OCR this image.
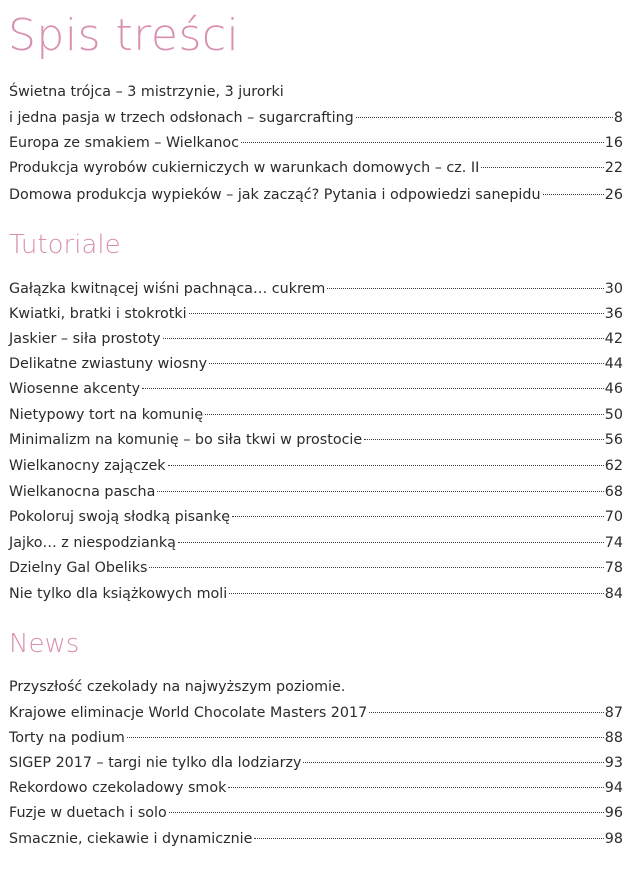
Spis treści
Świetna trójca – 3 mistrzynie, 3 jurorki
i jedna pasja w trzech odsłonach – sugarcrafting	8
Europa ze smakiem – Wielkanoc	16
Produkcja wyrobów cukierniczych w warunkach domowych – cz. II	22
Domowa produkcja wypieków – jak zacząć? Pytania i odpowiedzi sanepidu	26
Tutoriale
Gałązka kwitnącej wiśni pachnąca… cukrem	30
Kwiatki, bratki i stokrotki	36
Jaskier – siła prostoty	42
Delikatne zwiastuny wiosny	44
Wiosenne akcenty	46
Nietypowy tort na komunię	50
Minimalizm na komunię – bo siła tkwi w prostocie	56
Wielkanocny zajączek	62
Wielkanocna pascha	68
Pokoloruj swoją słodką pisankę	70
Jajko… z niespodzianką	74
Dzielny Gal Obeliks	78
Nie tylko dla książkowych moli	84
News
Przyszłość czekolady na najwyższym poziomie.
Krajowe eliminacje World Chocolate Masters 2017	87
Torty na podium	88
SIGEP 2017 – targi nie tylko dla lodziarzy	93
Rekordowo czekoladowy smok	94
Fuzje w duetach i solo	96
Smacznie, ciekawie i dynamicznie	98
